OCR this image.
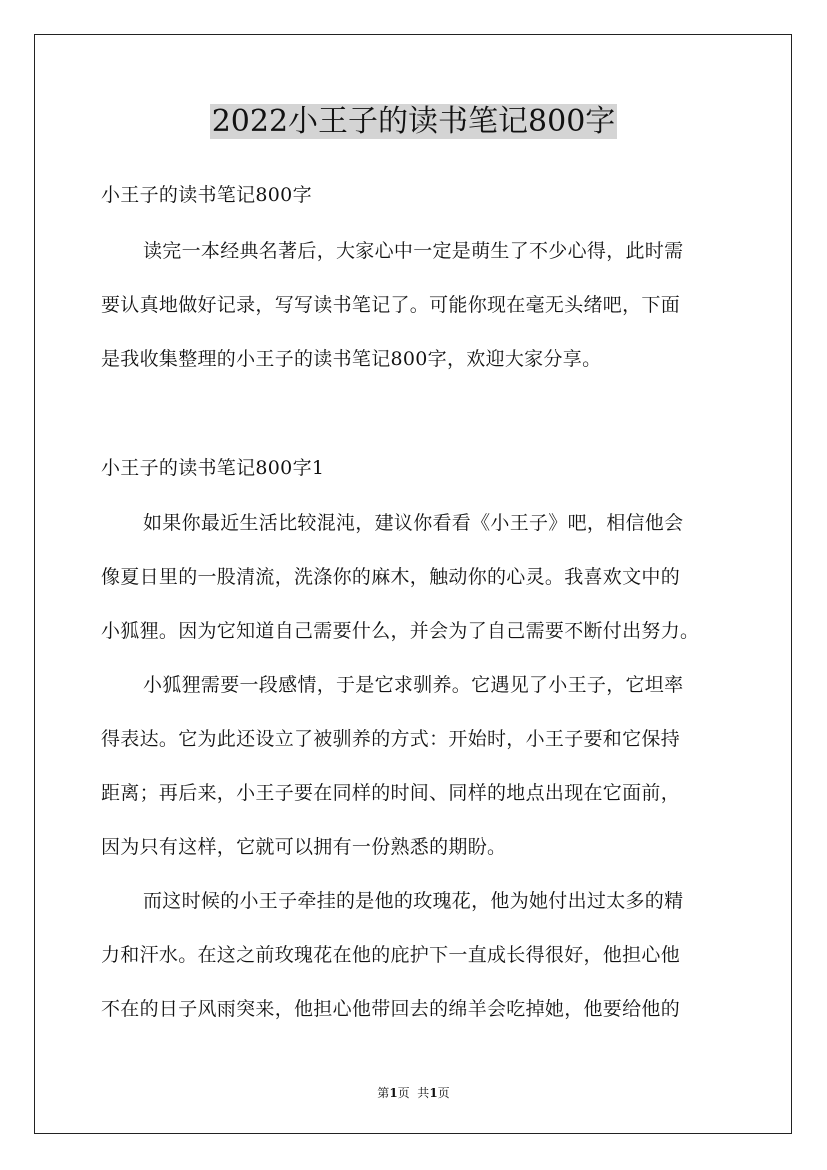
2022小王子的读书笔记800字
小王子的读书笔记800字
读完一本经典名著后，大家心中一定是萌生了不少心得，此时需
要认真地做好记录，写写读书笔记了。可能你现在毫无头绪吧，下面
是我收集整理的小王子的读书笔记800字，欢迎大家分享。
小王子的读书笔记800字1
如果你最近生活比较混沌，建议你看看《小王子》吧，相信他会
像夏日里的一股清流，洗涤你的麻木，触动你的心灵。我喜欢文中的
小狐狸。因为它知道自己需要什么，并会为了自己需要不断付出努力。
小狐狸需要一段感情，于是它求驯养。它遇见了小王子，它坦率
得表达。它为此还设立了被驯养的方式：开始时，小王子要和它保持
距离；再后来，小王子要在同样的时间、同样的地点出现在它面前，
因为只有这样，它就可以拥有一份熟悉的期盼。
而这时候的小王子牵挂的是他的玫瑰花，他为她付出过太多的精
力和汗水。在这之前玫瑰花在他的庇护下一直成长得很好，他担心他
不在的日子风雨突来，他担心他带回去的绵羊会吃掉她，他要给他的
第1页  共1页
